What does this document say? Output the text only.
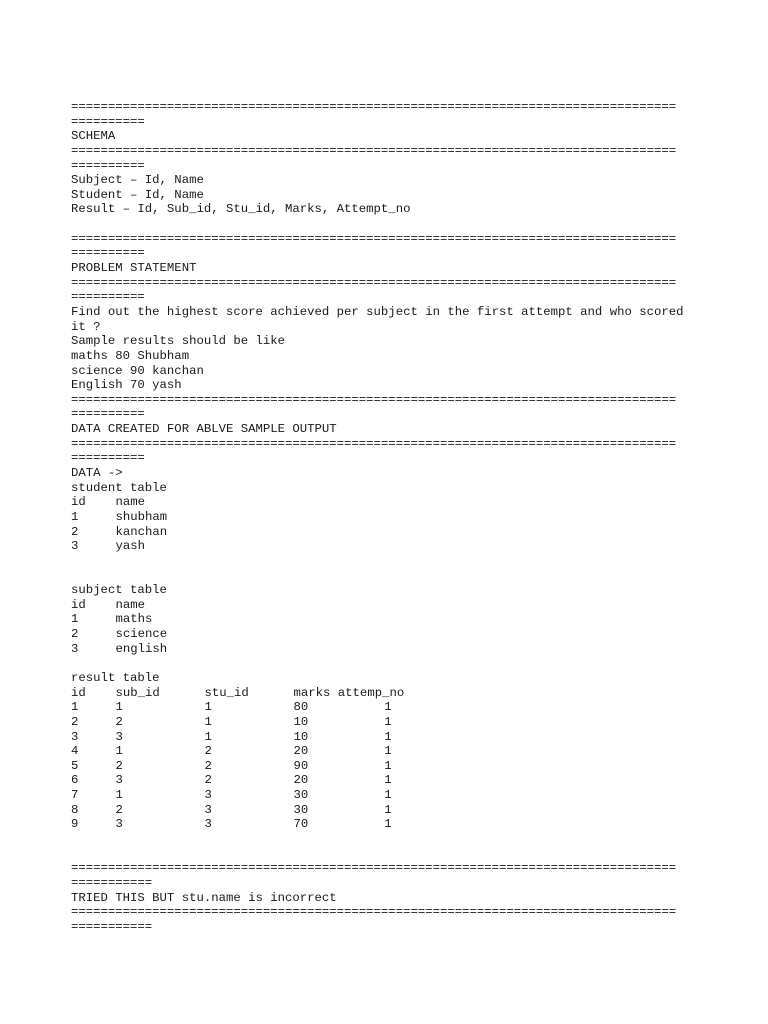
==================================================================================
==========
SCHEMA
==================================================================================
==========
Subject – Id, Name
Student – Id, Name
Result – Id, Sub_id, Stu_id, Marks, Attempt_no
==================================================================================
==========
PROBLEM STATEMENT
==================================================================================
==========
Find out the highest score achieved per subject in the first attempt and who scored
it ?
Sample results should be like
maths 80 Shubham
science 90 kanchan
English 70 yash
==================================================================================
==========
DATA CREATED FOR ABLVE SAMPLE OUTPUT
==================================================================================
==========
DATA ->
student table
id name
1	shubham
2	kanchan
3	yash
subject table
id name
1	maths
2	science
3	english
result table
id sub_id	stu_id	marks attemp_no
1	1	1	80	1
2	2	1	10	1
3	3	1	10	1
4	1	2	20	1
5	2	2	90	1
6	3	2	20	1
7	1	3	30	1
8	2	3	30	1
9	3	3	70	1
==================================================================================
===========
TRIED THIS BUT stu.name is incorrect
==================================================================================
===========
